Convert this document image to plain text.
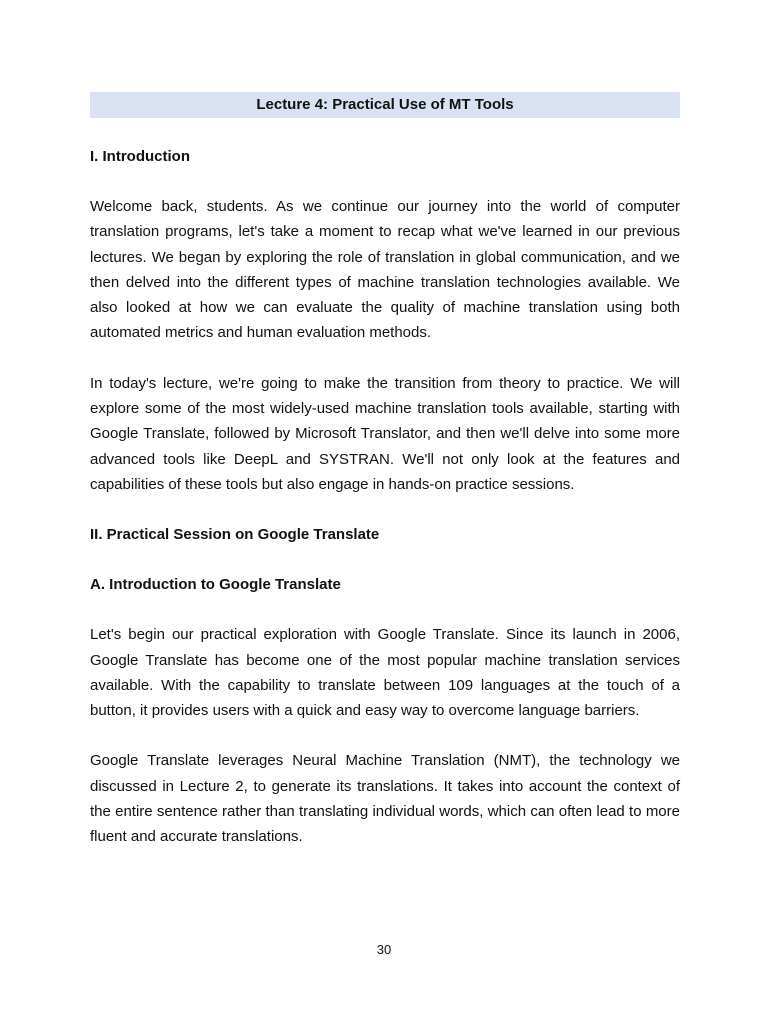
Lecture 4: Practical Use of MT Tools
I. Introduction
Welcome back, students. As we continue our journey into the world of computer translation programs, let's take a moment to recap what we've learned in our previous lectures. We began by exploring the role of translation in global communication, and we then delved into the different types of machine translation technologies available. We also looked at how we can evaluate the quality of machine translation using both automated metrics and human evaluation methods.
In today's lecture, we're going to make the transition from theory to practice. We will explore some of the most widely-used machine translation tools available, starting with Google Translate, followed by Microsoft Translator, and then we'll delve into some more advanced tools like DeepL and SYSTRAN. We'll not only look at the features and capabilities of these tools but also engage in hands-on practice sessions.
II. Practical Session on Google Translate
A. Introduction to Google Translate
Let's begin our practical exploration with Google Translate. Since its launch in 2006, Google Translate has become one of the most popular machine translation services available. With the capability to translate between 109 languages at the touch of a button, it provides users with a quick and easy way to overcome language barriers.
Google Translate leverages Neural Machine Translation (NMT), the technology we discussed in Lecture 2, to generate its translations. It takes into account the context of the entire sentence rather than translating individual words, which can often lead to more fluent and accurate translations.
30
